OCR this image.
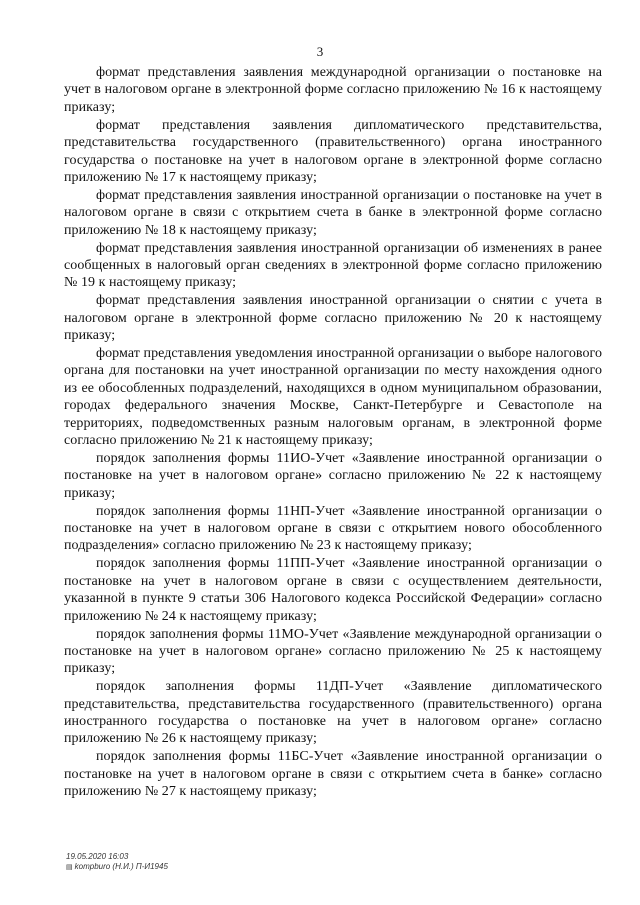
3

формат представления заявления международной организации о постановке на учет в налоговом органе в электронной форме согласно приложению № 16 к настоящему приказу;

формат представления заявления дипломатического представительства, представительства государственного (правительственного) органа иностранного государства о постановке на учет в налоговом органе в электронной форме согласно приложению № 17 к настоящему приказу;

формат представления заявления иностранной организации о постановке на учет в налоговом органе в связи с открытием счета в банке в электронной форме согласно приложению № 18 к настоящему приказу;

формат представления заявления иностранной организации об изменениях в ранее сообщенных в налоговый орган сведениях в электронной форме согласно приложению № 19 к настоящему приказу;

формат представления заявления иностранной организации о снятии с учета в налоговом органе в электронной форме согласно приложению № 20 к настоящему приказу;

формат представления уведомления иностранной организации о выборе налогового органа для постановки на учет иностранной организации по месту нахождения одного из ее обособленных подразделений, находящихся в одном муниципальном образовании, городах федерального значения Москве, Санкт-Петербурге и Севастополе на территориях, подведомственных разным налоговым органам, в электронной форме согласно приложению № 21 к настоящему приказу;

порядок заполнения формы 11ИО-Учет «Заявление иностранной организации о постановке на учет в налоговом органе» согласно приложению № 22 к настоящему приказу;

порядок заполнения формы 11НП-Учет «Заявление иностранной организации о постановке на учет в налоговом органе в связи с открытием нового обособленного подразделения» согласно приложению № 23 к настоящему приказу;

порядок заполнения формы 11ПП-Учет «Заявление иностранной организации о постановке на учет в налоговом органе в связи с осуществлением деятельности, указанной в пункте 9 статьи 306 Налогового кодекса Российской Федерации» согласно приложению № 24 к настоящему приказу;

порядок заполнения формы 11МО-Учет «Заявление международной организации о постановке на учет в налоговом органе» согласно приложению № 25 к настоящему приказу;

порядок заполнения формы 11ДП-Учет «Заявление дипломатического представительства, представительства государственного (правительственного) органа иностранного государства о постановке на учет в налоговом органе» согласно приложению № 26 к настоящему приказу;

порядок заполнения формы 11БС-Учет «Заявление иностранной организации о постановке на учет в налоговом органе в связи с открытием счета в банке» согласно приложению № 27 к настоящему приказу;

19.05.2020 16:03
▤ kompburo (Н.И.) П-И1945
